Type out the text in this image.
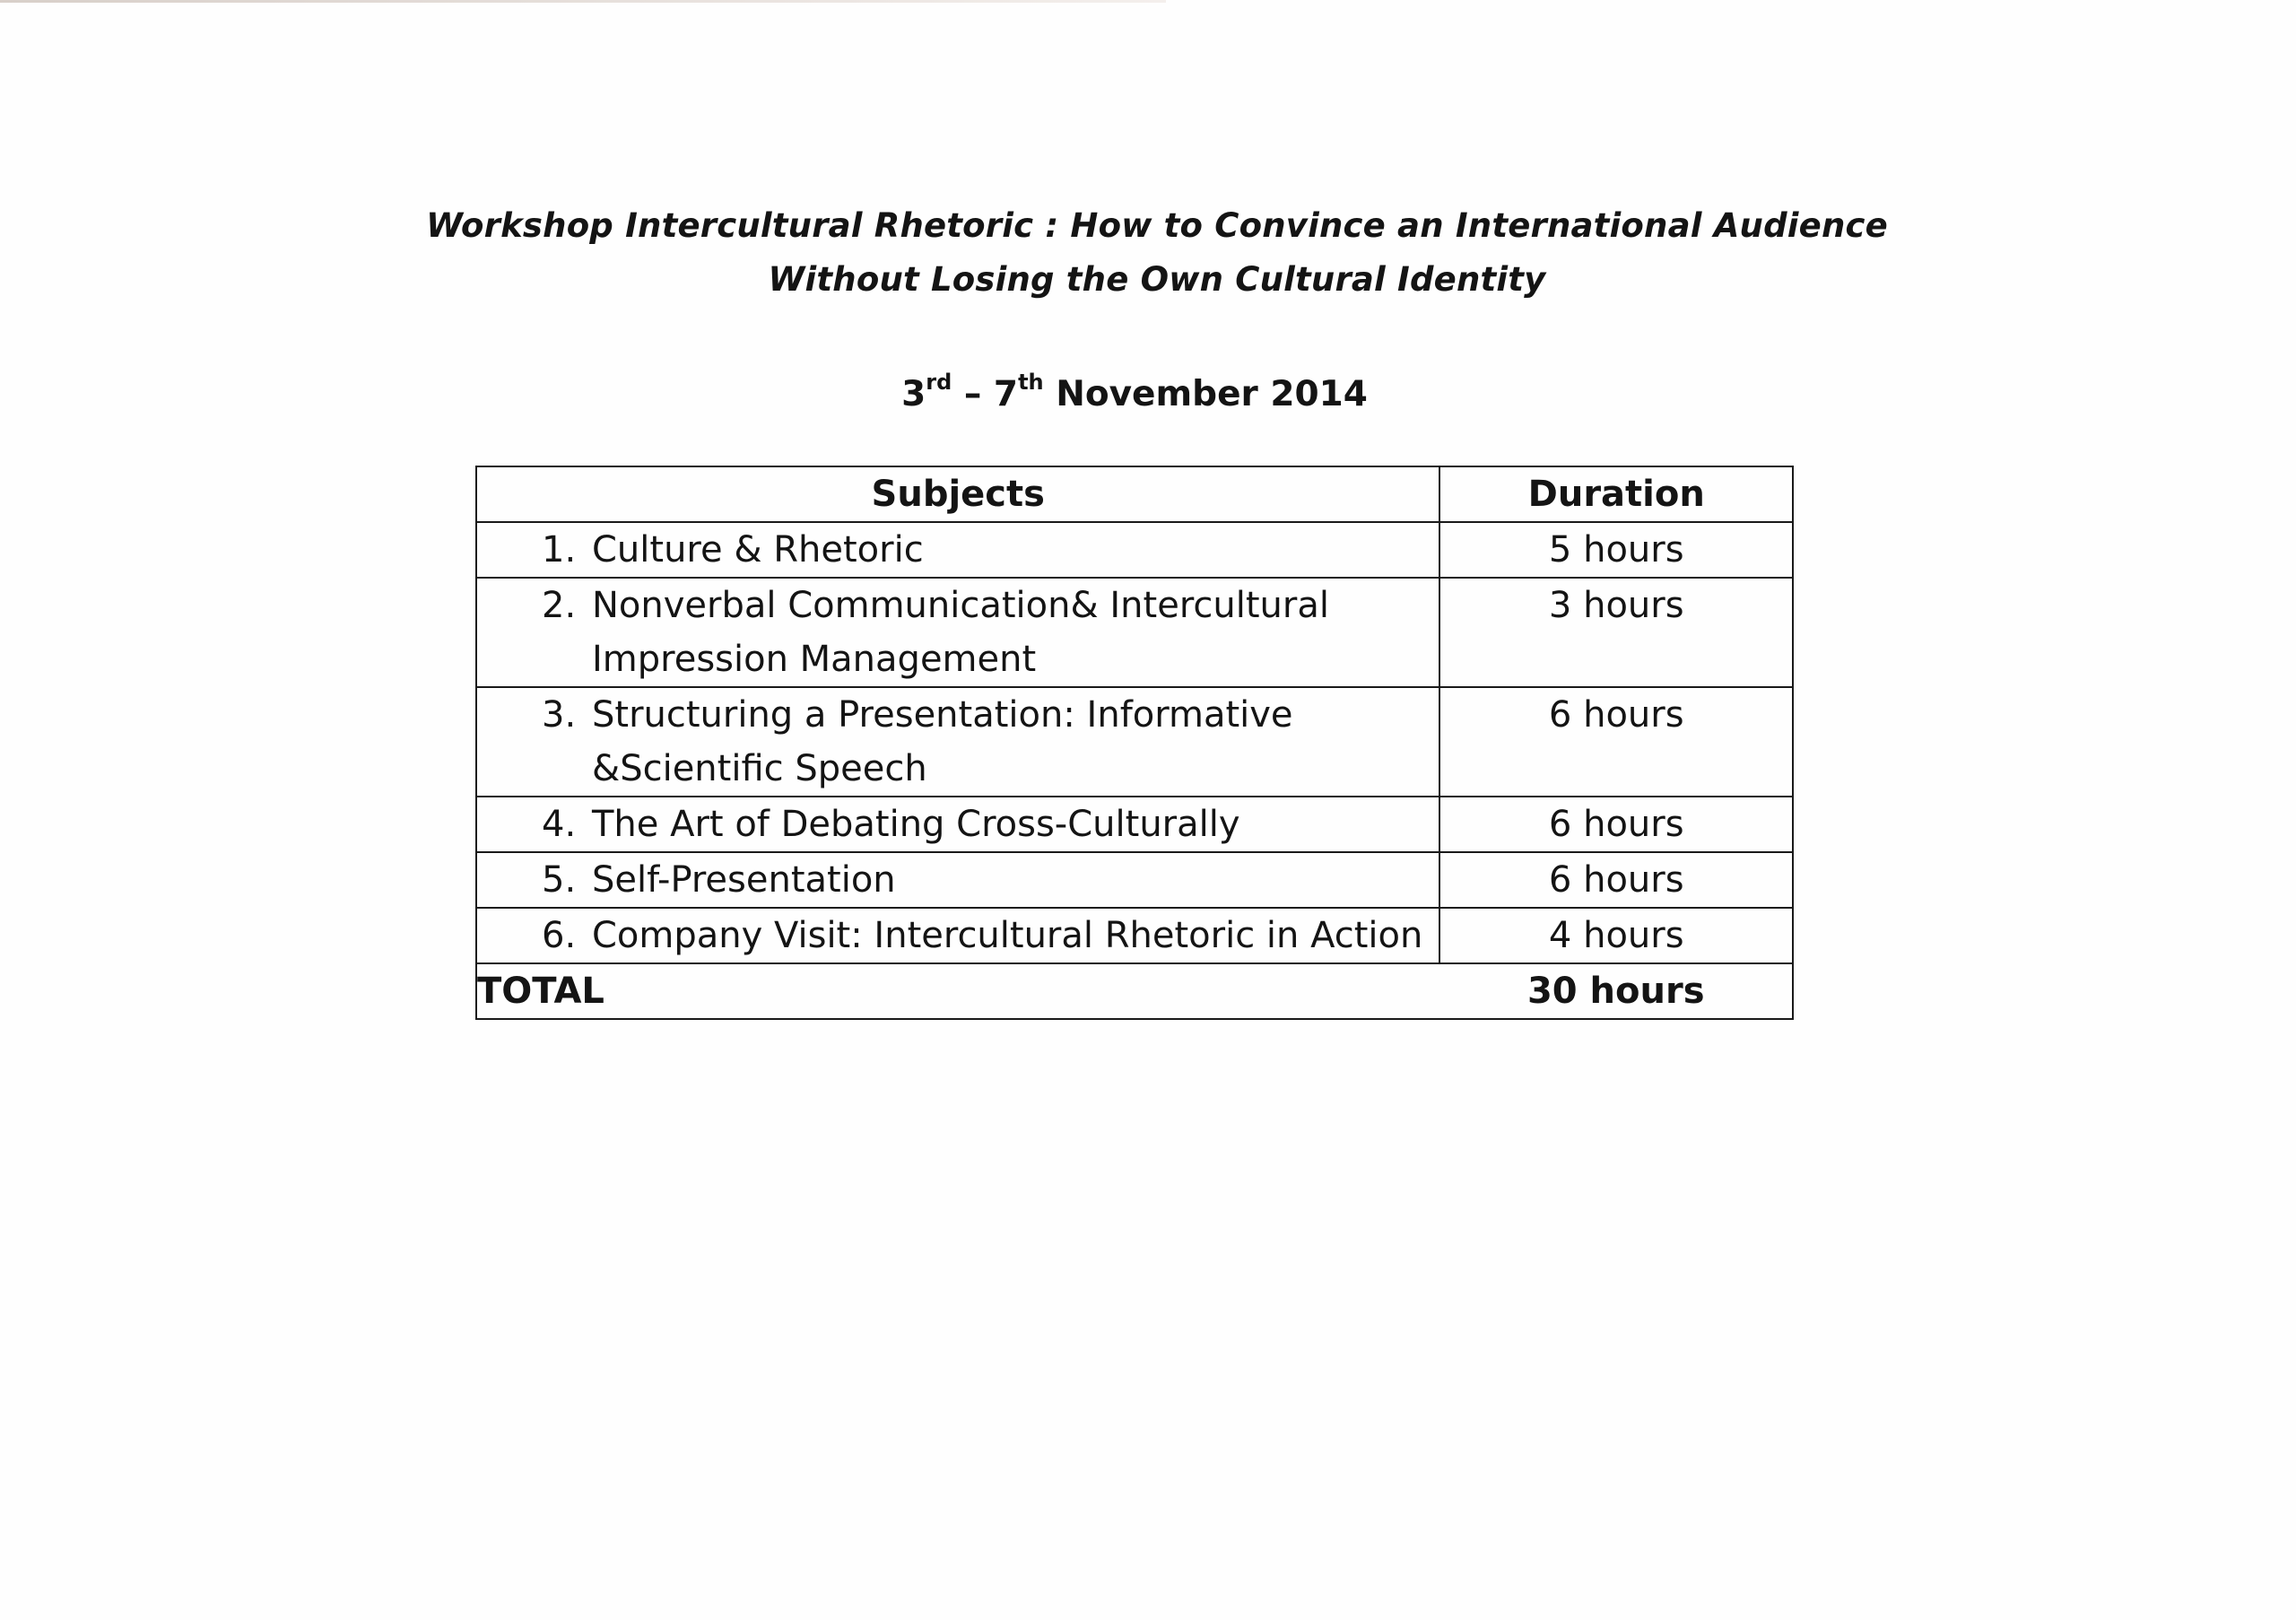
Workshop Intercultural Rhetoric : How to Convince an International Audience
Without Losing the Own Cultural Identity
3rd – 7th November 2014
Subjects	Duration

1. Culture & Rhetoric	5 hours

2. Nonverbal Communication& Intercultural Impression Management	3 hours

3. Structuring a Presentation: Informative &Scientific Speech	6 hours

4. The Art of Debating Cross-Culturally	6 hours

5. Self-Presentation	6 hours

6. Company Visit: Intercultural Rhetoric in Action	4 hours
TOTAL	30 hours
